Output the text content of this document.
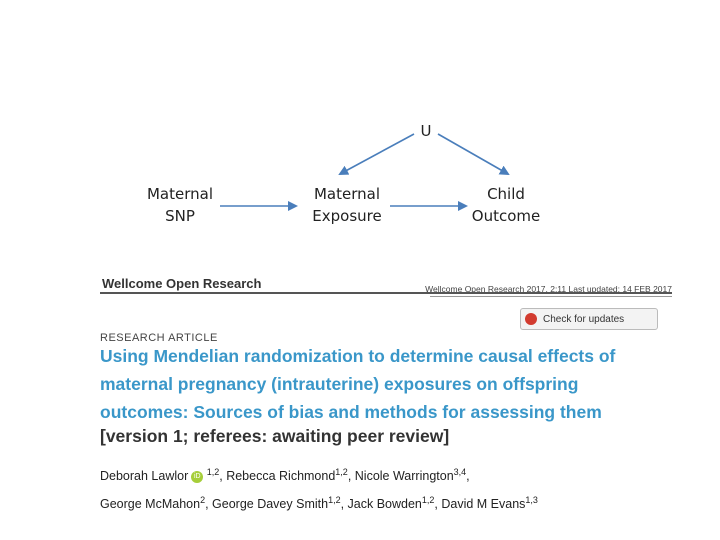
U
Maternal
SNP
Maternal
Exposure
Child
Outcome
Wellcome Open Research	Wellcome Open Research 2017, 2:11 Last updated: 14 FEB 2017
Check for updates
RESEARCH ARTICLE
Using Mendelian randomization to determine causal effects of
maternal pregnancy (intrauterine) exposures on offspring
outcomes: Sources of bias and methods for assessing them
[version 1; referees: awaiting peer review]
Deborah Lawlor iD $^{1,2}$, Rebecca Richmond$^{1,2}$, Nicole Warrington$^{3,4}$,
George McMahon$^2$, George Davey Smith$^{1,2}$, Jack Bowden$^{1,2}$, David M Evans$^{1,3}$
